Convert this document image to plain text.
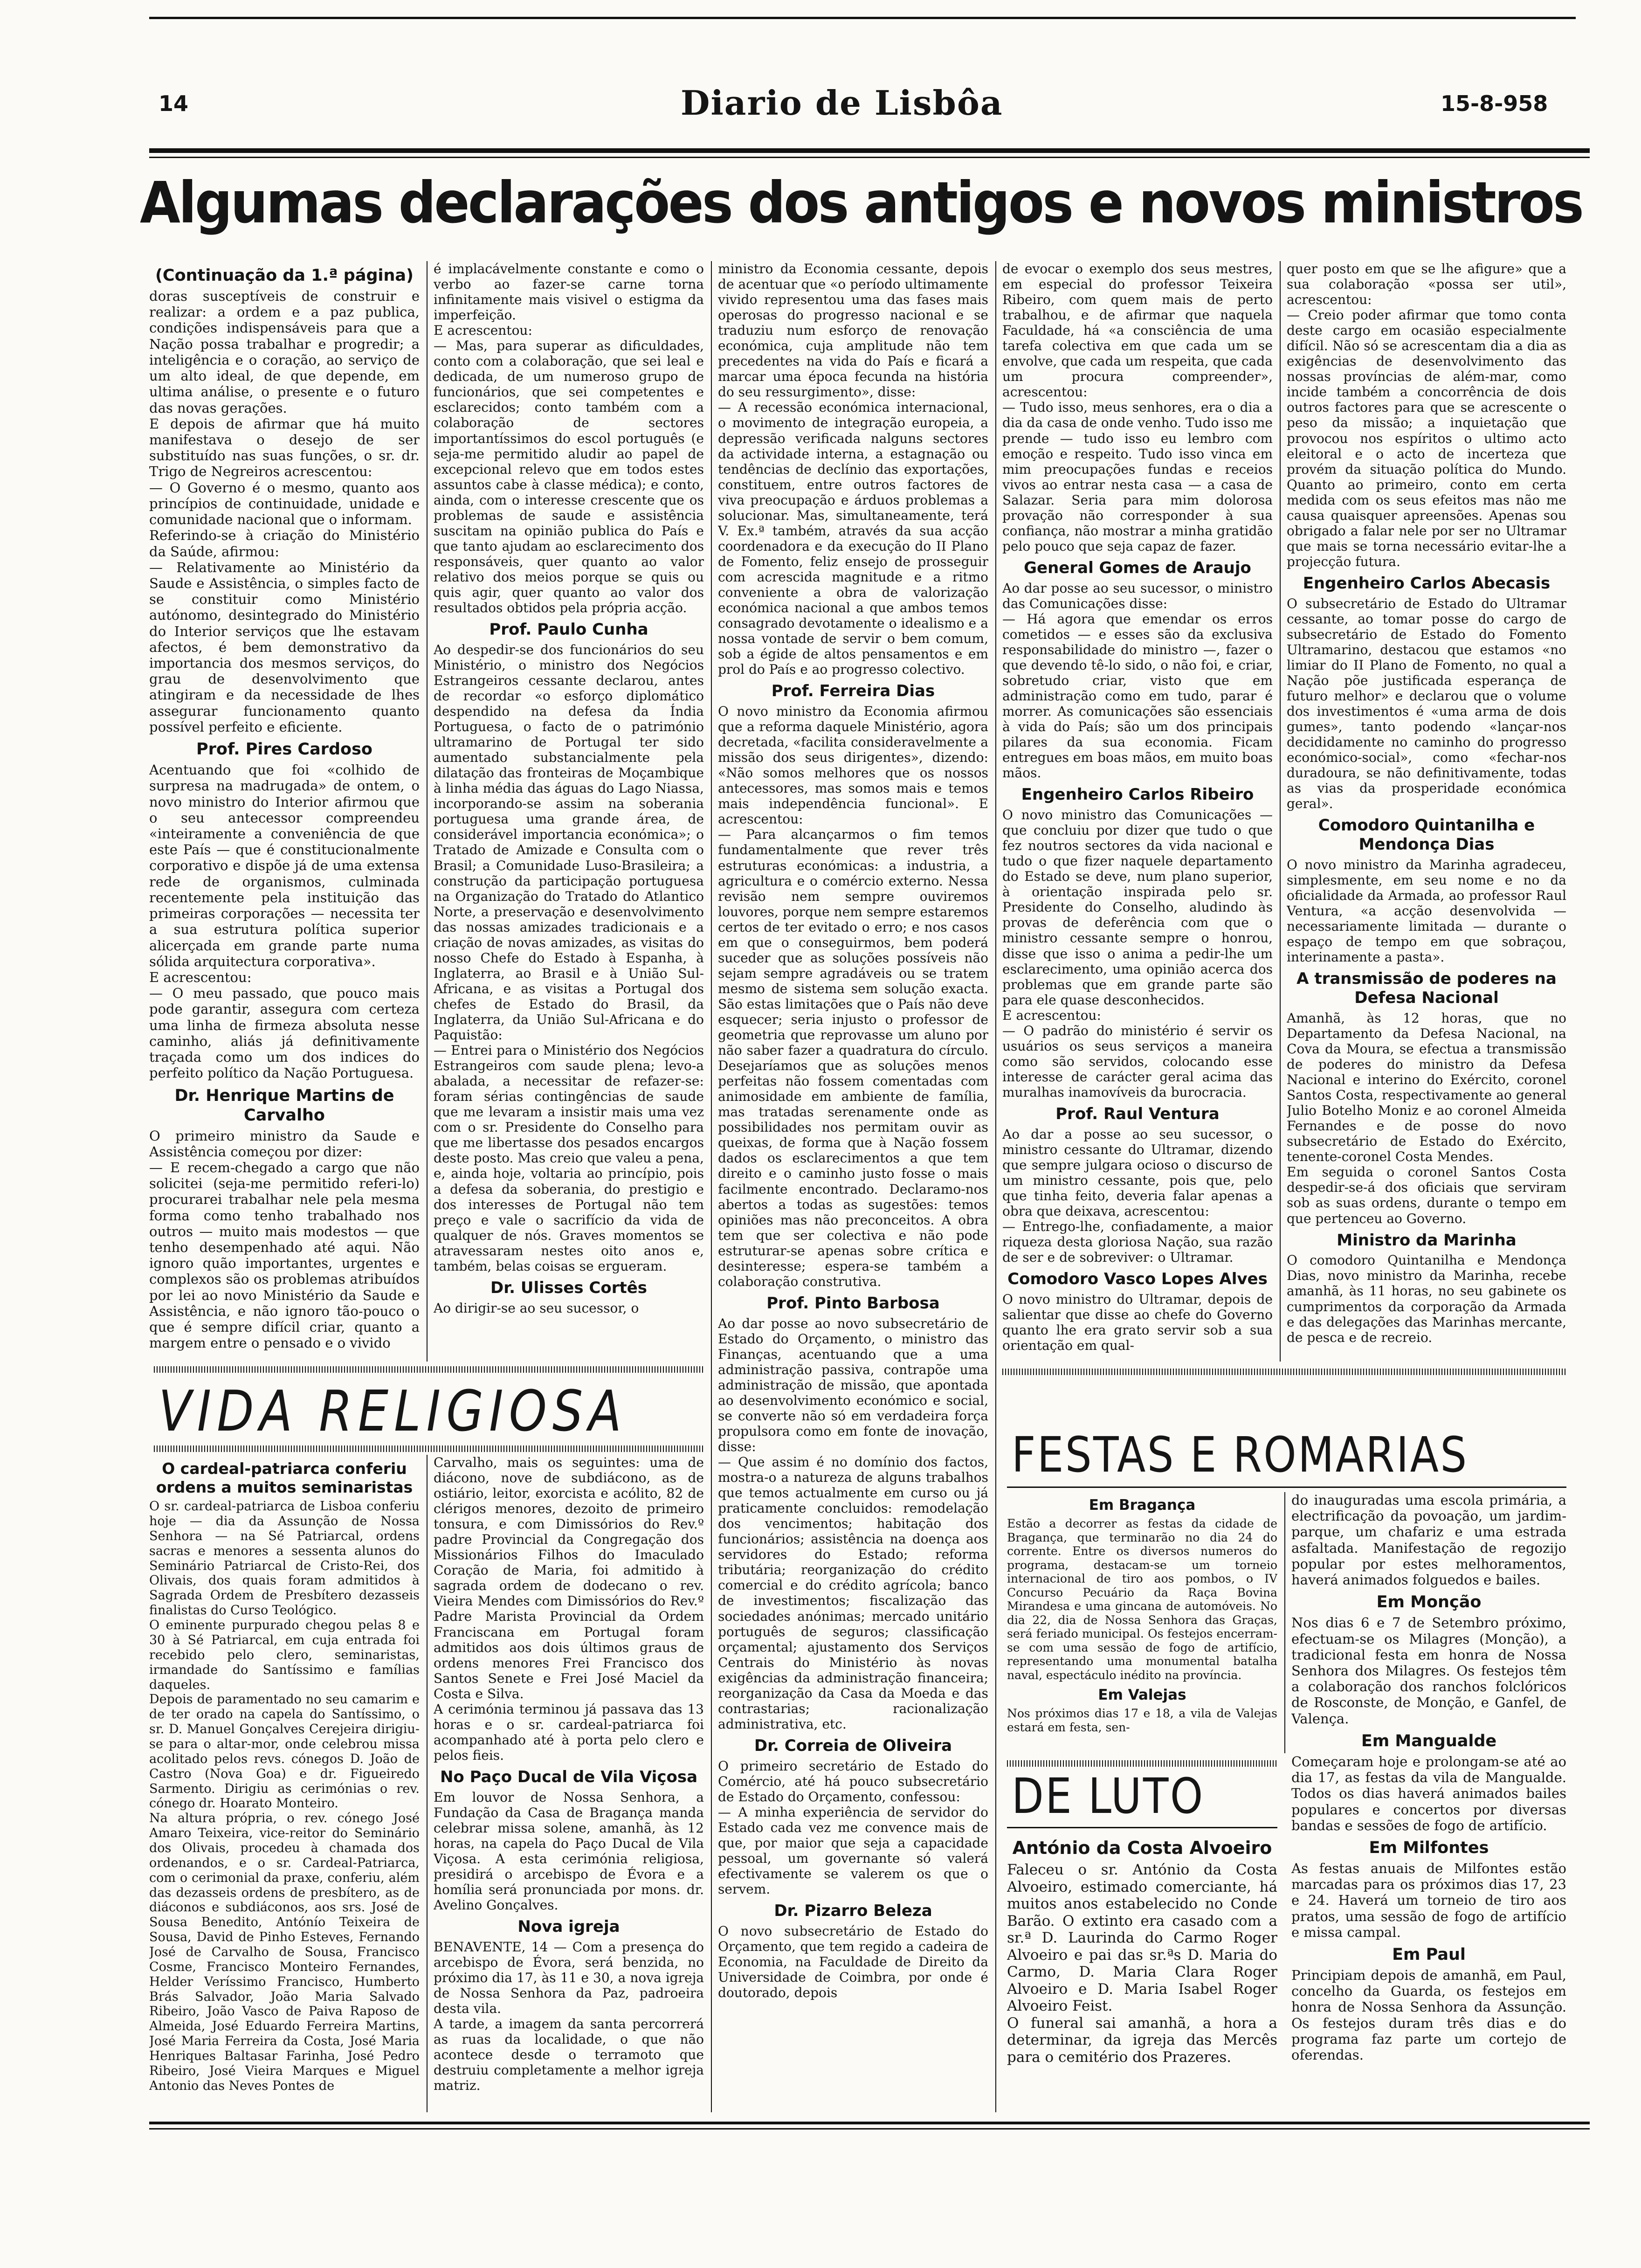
14	Diario de Lisbôa	15-8-958
Algumas declarações dos antigos e novos ministros
(Continuação da 1.ª página)
doras susceptíveis de construir e realizar: a ordem e a paz publica, condições indispensáveis para que a Nação possa trabalhar e progredir; a inteligência e o coração, ao serviço de um alto ideal, de que depende, em ultima análise, o presente e o futuro das novas gerações.
E depois de afirmar que há muito manifestava o desejo de ser substituído nas suas funções, o sr. dr. Trigo de Negreiros acrescentou:
— O Governo é o mesmo, quanto aos princípios de continuidade, unidade e comunidade nacional que o informam.
Referindo-se à criação do Ministério da Saúde, afirmou:
— Relativamente ao Ministério da Saude e Assistência, o simples facto de se constituir como Ministério autónomo, desintegrado do Ministério do Interior serviços que lhe estavam afectos, é bem demonstrativo da importancia dos mesmos serviços, do grau de desenvolvimento que atingiram e da necessidade de lhes assegurar funcionamento quanto possível perfeito e eficiente.
Prof. Pires Cardoso
Acentuando que foi «colhido de surpresa na madrugada» de ontem, o novo ministro do Interior afirmou que o seu antecessor compreendeu «inteiramente a conveniência de que este País — que é constitucionalmente corporativo e dispõe já de uma extensa rede de organismos, culminada recentemente pela instituição das primeiras corporações — necessita ter a sua estrutura política superior alicerçada em grande parte numa sólida arquitectura corporativa».
E acrescentou:
— O meu passado, que pouco mais pode garantir, assegura com certeza uma linha de firmeza absoluta nesse caminho, aliás já definitivamente traçada como um dos indices do perfeito político da Nação Portuguesa.
Dr. Henrique Martins de Carvalho
O primeiro ministro da Saude e Assistência começou por dizer:
— E recem-chegado a cargo que não solicitei (seja-me permitido referi-lo) procurarei trabalhar nele pela mesma forma como tenho trabalhado nos outros — muito mais modestos — que tenho desempenhado até aqui. Não ignoro quão importantes, urgentes e complexos são os problemas atribuídos por lei ao novo Ministério da Saude e Assistência, e não ignoro tão-pouco o que é sempre difícil criar, quanto a margem entre o pensado e o vivido
é implacávelmente constante e como o verbo ao fazer-se carne torna infinitamente mais visivel o estigma da imperfeição.
E acrescentou:
— Mas, para superar as dificuldades, conto com a colaboração, que sei leal e dedicada, de um numeroso grupo de funcionários, que sei competentes e esclarecidos; conto também com a colaboração de sectores importantíssimos do escol português (e seja-me permitido aludir ao papel de excepcional relevo que em todos estes assuntos cabe à classe médica); e conto, ainda, com o interesse crescente que os problemas de saude e assistência suscitam na opinião publica do País e que tanto ajudam ao esclarecimento dos responsáveis, quer quanto ao valor relativo dos meios porque se quis ou quis agir, quer quanto ao valor dos resultados obtidos pela própria acção.
Prof. Paulo Cunha
Ao despedir-se dos funcionários do seu Ministério, o ministro dos Negócios Estrangeiros cessante declarou, antes de recordar «o esforço diplomático despendido na defesa da Índia Portuguesa, o facto de o património ultramarino de Portugal ter sido aumentado substancialmente pela dilatação das fronteiras de Moçambique à linha média das águas do Lago Niassa, incorporando-se assim na soberania portuguesa uma grande área, de considerável importancia económica»; o Tratado de Amizade e Consulta com o Brasil; a Comunidade Luso-Brasileira; a construção da participação portuguesa na Organização do Tratado do Atlantico Norte, a preservação e desenvolvimento das nossas amizades tradicionais e a criação de novas amizades, as visitas do nosso Chefe do Estado à Espanha, à Inglaterra, ao Brasil e à União Sul-Africana, e as visitas a Portugal dos chefes de Estado do Brasil, da Inglaterra, da União Sul-Africana e do Paquistão:
— Entrei para o Ministério dos Negócios Estrangeiros com saude plena; levo-a abalada, a necessitar de refazer-se: foram sérias contingências de saude que me levaram a insistir mais uma vez com o sr. Presidente do Conselho para que me libertasse dos pesados encargos deste posto. Mas creio que valeu a pena, e, ainda hoje, voltaria ao princípio, pois a defesa da soberania, do prestigio e dos interesses de Portugal não tem preço e vale o sacrifício da vida de qualquer de nós. Graves momentos se atravessaram nestes oito anos e, também, belas coisas se ergueram.
Dr. Ulisses Cortês
Ao dirigir-se ao seu sucessor, o
ministro da Economia cessante, depois de acentuar que «o período ultimamente vivido representou uma das fases mais operosas do progresso nacional e se traduziu num esforço de renovação económica, cuja amplitude não tem precedentes na vida do País e ficará a marcar uma época fecunda na história do seu ressurgimento», disse:
— A recessão económica internacional, o movimento de integração europeia, a depressão verificada nalguns sectores da actividade interna, a estagnação ou tendências de declínio das exportações, constituem, entre outros factores de viva preocupação e árduos problemas a solucionar. Mas, simultaneamente, terá V. Ex.ª também, através da sua acção coordenadora e da execução do II Plano de Fomento, feliz ensejo de prosseguir com acrescida magnitude e a ritmo conveniente a obra de valorização económica nacional a que ambos temos consagrado devotamente o idealismo e a nossa vontade de servir o bem comum, sob a égide de altos pensamentos e em prol do País e ao progresso colectivo.
Prof. Ferreira Dias
O novo ministro da Economia afirmou que a reforma daquele Ministério, agora decretada, «facilita consideravelmente a missão dos seus dirigentes», dizendo: «Não somos melhores que os nossos antecessores, mas somos mais e temos mais independência funcional». E acrescentou:
— Para alcançarmos o fim temos fundamentalmente que rever três estruturas económicas: a industria, a agricultura e o comércio externo. Nessa revisão nem sempre ouviremos louvores, porque nem sempre estaremos certos de ter evitado o erro; e nos casos em que o conseguirmos, bem poderá suceder que as soluções possíveis não sejam sempre agradáveis ou se tratem mesmo de sistema sem solução exacta. São estas limitações que o País não deve esquecer; seria injusto o professor de geometria que reprovasse um aluno por não saber fazer a quadratura do círculo. Desejaríamos que as soluções menos perfeitas não fossem comentadas com animosidade em ambiente de família, mas tratadas serenamente onde as possibilidades nos permitam ouvir as queixas, de forma que à Nação fossem dados os esclarecimentos a que tem direito e o caminho justo fosse o mais facilmente encontrado. Declaramo-nos abertos a todas as sugestões: temos opiniões mas não preconceitos. A obra tem que ser colectiva e não pode estruturar-se apenas sobre crítica e desinteresse; espera-se também a colaboração construtiva.
Prof. Pinto Barbosa
Ao dar posse ao novo subsecretário de Estado do Orçamento, o ministro das Finanças, acentuando que a uma administração passiva, contrapõe uma administração de missão, que apontada ao desenvolvimento económico e social, se converte não só em verdadeira força propulsora como em fonte de inovação, disse:
— Que assim é no domínio dos factos, mostra-o a natureza de alguns trabalhos que temos actualmente em curso ou já praticamente concluidos: remodelação dos vencimentos; habitação dos funcionários; assistência na doença aos servidores do Estado; reforma tributária; reorganização do crédito comercial e do crédito agrícola; banco de investimentos; fiscalização das sociedades anónimas; mercado unitário português de seguros; classificação orçamental; ajustamento dos Serviços Centrais do Ministério às novas exigências da administração financeira; reorganização da Casa da Moeda e das contrastarias; racionalização administrativa, etc.
Dr. Correia de Oliveira
O primeiro secretário de Estado do Comércio, até há pouco subsecretário de Estado do Orçamento, confessou:
— A minha experiência de servidor do Estado cada vez me convence mais de que, por maior que seja a capacidade pessoal, um governante só valerá efectivamente se valerem os que o servem.
Dr. Pizarro Beleza
O novo subsecretário de Estado do Orçamento, que tem regido a cadeira de Economia, na Faculdade de Direito da Universidade de Coimbra, por onde é doutorado, depois
de evocar o exemplo dos seus mestres, em especial do professor Teixeira Ribeiro, com quem mais de perto trabalhou, e de afirmar que naquela Faculdade, há «a consciência de uma tarefa colectiva em que cada um se envolve, que cada um respeita, que cada um procura compreender», acrescentou:
— Tudo isso, meus senhores, era o dia a dia da casa de onde venho. Tudo isso me prende — tudo isso eu lembro com emoção e respeito. Tudo isso vinca em mim preocupações fundas e receios vivos ao entrar nesta casa — a casa de Salazar. Seria para mim dolorosa provação não corresponder à sua confiança, não mostrar a minha gratidão pelo pouco que seja capaz de fazer.
General Gomes de Araujo
Ao dar posse ao seu sucessor, o ministro das Comunicações disse:
— Há agora que emendar os erros cometidos — e esses são da exclusiva responsabilidade do ministro —, fazer o que devendo tê-lo sido, o não foi, e criar, sobretudo criar, visto que em administração como em tudo, parar é morrer. As comunicações são essenciais à vida do País; são um dos principais pilares da sua economia. Ficam entregues em boas mãos, em muito boas mãos.
Engenheiro Carlos Ribeiro
O novo ministro das Comunicações — que concluiu por dizer que tudo o que fez noutros sectores da vida nacional e tudo o que fizer naquele departamento do Estado se deve, num plano superior, à orientação inspirada pelo sr. Presidente do Conselho, aludindo às provas de deferência com que o ministro cessante sempre o honrou, disse que isso o anima a pedir-lhe um esclarecimento, uma opinião acerca dos problemas que em grande parte são para ele quase desconhecidos.
E acrescentou:
— O padrão do ministério é servir os usuários os seus serviços a maneira como são servidos, colocando esse interesse de carácter geral acima das muralhas inamovíveis da burocracia.
Prof. Raul Ventura
Ao dar a posse ao seu sucessor, o ministro cessante do Ultramar, dizendo que sempre julgara ocioso o discurso de um ministro cessante, pois que, pelo que tinha feito, deveria falar apenas a obra que deixava, acrescentou:
— Entrego-lhe, confiadamente, a maior riqueza desta gloriosa Nação, sua razão de ser e de sobreviver: o Ultramar.
Comodoro Vasco Lopes Alves
O novo ministro do Ultramar, depois de salientar que disse ao chefe do Governo quanto lhe era grato servir sob a sua orientação em qual-
quer posto em que se lhe afigure» que a sua colaboração «possa ser util», acrescentou:
— Creio poder afirmar que tomo conta deste cargo em ocasião especialmente difícil. Não só se acrescentam dia a dia as exigências de desenvolvimento das nossas províncias de além-mar, como incide também a concorrência de dois outros factores para que se acrescente o peso da missão; a inquietação que provocou nos espíritos o ultimo acto eleitoral e o acto de incerteza que provém da situação política do Mundo. Quanto ao primeiro, conto em certa medida com os seus efeitos mas não me causa quaisquer apreensões. Apenas sou obrigado a falar nele por ser no Ultramar que mais se torna necessário evitar-lhe a projecção futura.
Engenheiro Carlos Abecasis
O subsecretário de Estado do Ultramar cessante, ao tomar posse do cargo de subsecretário de Estado do Fomento Ultramarino, destacou que estamos «no limiar do II Plano de Fomento, no qual a Nação põe justificada esperança de futuro melhor» e declarou que o volume dos investimentos é «uma arma de dois gumes», tanto podendo «lançar-nos decididamente no caminho do progresso económico-social», como «fechar-nos duradoura, se não definitivamente, todas as vias da prosperidade económica geral».
Comodoro Quintanilha e Mendonça Dias
O novo ministro da Marinha agradeceu, simplesmente, em seu nome e no da oficialidade da Armada, ao professor Raul Ventura, «a acção desenvolvida — necessariamente limitada — durante o espaço de tempo em que sobraçou, interinamente a pasta».
A transmissão de poderes na Defesa Nacional
Amanhã, às 12 horas, que no Departamento da Defesa Nacional, na Cova da Moura, se efectua a transmissão de poderes do ministro da Defesa Nacional e interino do Exército, coronel Santos Costa, respectivamente ao general Julio Botelho Moniz e ao coronel Almeida Fernandes e de posse do novo subsecretário de Estado do Exército, tenente-coronel Costa Mendes.
Em seguida o coronel Santos Costa despedir-se-á dos oficiais que serviram sob as suas ordens, durante o tempo em que pertenceu ao Governo.
Ministro da Marinha
O comodoro Quintanilha e Mendonça Dias, novo ministro da Marinha, recebe amanhã, às 11 horas, no seu gabinete os cumprimentos da corporação da Armada e das delegações das Marinhas mercante, de pesca e de recreio.
VIDA RELIGIOSA
O cardeal-patriarca conferiu ordens a muitos seminaristas
O sr. cardeal-patriarca de Lisboa conferiu hoje — dia da Assunção de Nossa Senhora — na Sé Patriarcal, ordens sacras e menores a sessenta alunos do Seminário Patriarcal de Cristo-Rei, dos Olivais, dos quais foram admitidos à Sagrada Ordem de Presbítero dezasseis finalistas do Curso Teológico.
O eminente purpurado chegou pelas 8 e 30 à Sé Patriarcal, em cuja entrada foi recebido pelo clero, seminaristas, irmandade do Santíssimo e famílias daqueles.
Depois de paramentado no seu camarim e de ter orado na capela do Santíssimo, o sr. D. Manuel Gonçalves Cerejeira dirigiu-se para o altar-mor, onde celebrou missa acolitado pelos revs. cónegos D. João de Castro (Nova Goa) e dr. Figueiredo Sarmento. Dirigiu as cerimónias o rev. cónego dr. Hoarato Monteiro.
Na altura própria, o rev. cónego José Amaro Teixeira, vice-reitor do Seminário dos Olivais, procedeu à chamada dos ordenandos, e o sr. Cardeal-Patriarca, com o cerimonial da praxe, conferiu, além das dezasseis ordens de presbítero, as de diáconos e subdiáconos, aos srs. José de Sousa Benedito, Antónío Teixeira de Sousa, David de Pinho Esteves, Fernando José de Carvalho de Sousa, Francisco Cosme, Francisco Monteiro Fernandes, Helder Veríssimo Francisco, Humberto Brás Salvador, João Maria Salvado Ribeiro, João Vasco de Paiva Raposo de Almeida, José Eduardo Ferreira Martins, José Maria Ferreira da Costa, José Maria Henriques Baltasar Farinha, José Pedro Ribeiro, José Vieira Marques e Miguel Antonio das Neves Pontes de
Carvalho, mais os seguintes: uma de diácono, nove de subdiácono, as de ostiário, leitor, exorcista e acólito, 82 de clérigos menores, dezoito de primeiro tonsura, e com Dimissórios do Rev.º padre Provincial da Congregação dos Missionários Filhos do Imaculado Coração de Maria, foi admitido à sagrada ordem de dodecano o rev. Vieira Mendes com Dimissórios do Rev.º Padre Marista Provincial da Ordem Franciscana em Portugal foram admitidos aos dois últimos graus de ordens menores Frei Francisco dos Santos Senete e Frei José Maciel da Costa e Silva.
A cerimónia terminou já passava das 13 horas e o sr. cardeal-patriarca foi acompanhado até à porta pelo clero e pelos fieis.
No Paço Ducal de Vila Viçosa
Em louvor de Nossa Senhora, a Fundação da Casa de Bragança manda celebrar missa solene, amanhã, às 12 horas, na capela do Paço Ducal de Vila Viçosa. A esta cerimónia religiosa, presidirá o arcebispo de Évora e a homília será pronunciada por mons. dr. Avelino Gonçalves.
Nova igreja
BENAVENTE, 14 — Com a presença do arcebispo de Évora, será benzida, no próximo dia 17, às 11 e 30, a nova igreja de Nossa Senhora da Paz, padroeira desta vila.
A tarde, a imagem da santa percorrerá as ruas da localidade, o que não acontece desde o terramoto que destruiu completamente a melhor igreja matriz.
FESTAS E ROMARIAS
Em Bragança
Estão a decorrer as festas da cidade de Bragança, que terminarão no dia 24 do corrente. Entre os diversos numeros do programa, destacam-se um torneio internacional de tiro aos pombos, o IV Concurso Pecuário da Raça Bovina Mirandesa e uma gincana de automóveis. No dia 22, dia de Nossa Senhora das Graças, será feriado municipal. Os festejos encerram-se com uma sessão de fogo de artifício, representando uma monumental batalha naval, espectáculo inédito na província.
Em Valejas
Nos próximos dias 17 e 18, a vila de Valejas estará em festa, sen-
do inauguradas uma escola primária, a electrificação da povoação, um jardim-parque, um chafariz e uma estrada asfaltada. Manifestação de regozijo popular por estes melhoramentos, haverá animados folguedos e bailes.
Em Monção
Nos dias 6 e 7 de Setembro próximo, efectuam-se os Milagres (Monção), a tradicional festa em honra de Nossa Senhora dos Milagres. Os festejos têm a colaboração dos ranchos folclóricos de Rosconste, de Monção, e Ganfel, de Valença.
Em Mangualde
Começaram hoje e prolongam-se até ao dia 17, as festas da vila de Mangualde. Todos os dias haverá animados bailes populares e concertos por diversas bandas e sessões de fogo de artifício.
Em Milfontes
As festas anuais de Milfontes estão marcadas para os próximos dias 17, 23 e 24. Haverá um torneio de tiro aos pratos, uma sessão de fogo de artifício e missa campal.
Em Paul
Principiam depois de amanhã, em Paul, concelho da Guarda, os festejos em honra de Nossa Senhora da Assunção. Os festejos duram três dias e do programa faz parte um cortejo de oferendas.
DE LUTO
António da Costa Alvoeiro
Faleceu o sr. António da Costa Alvoeiro, estimado comerciante, há muitos anos estabelecido no Conde Barão. O extinto era casado com a sr.ª D. Laurinda do Carmo Roger Alvoeiro e pai das sr.ªs D. Maria do Carmo, D. Maria Clara Roger Alvoeiro e D. Maria Isabel Roger Alvoeiro Feist.
O funeral sai amanhã, a hora a determinar, da igreja das Mercês para o cemitério dos Prazeres.
